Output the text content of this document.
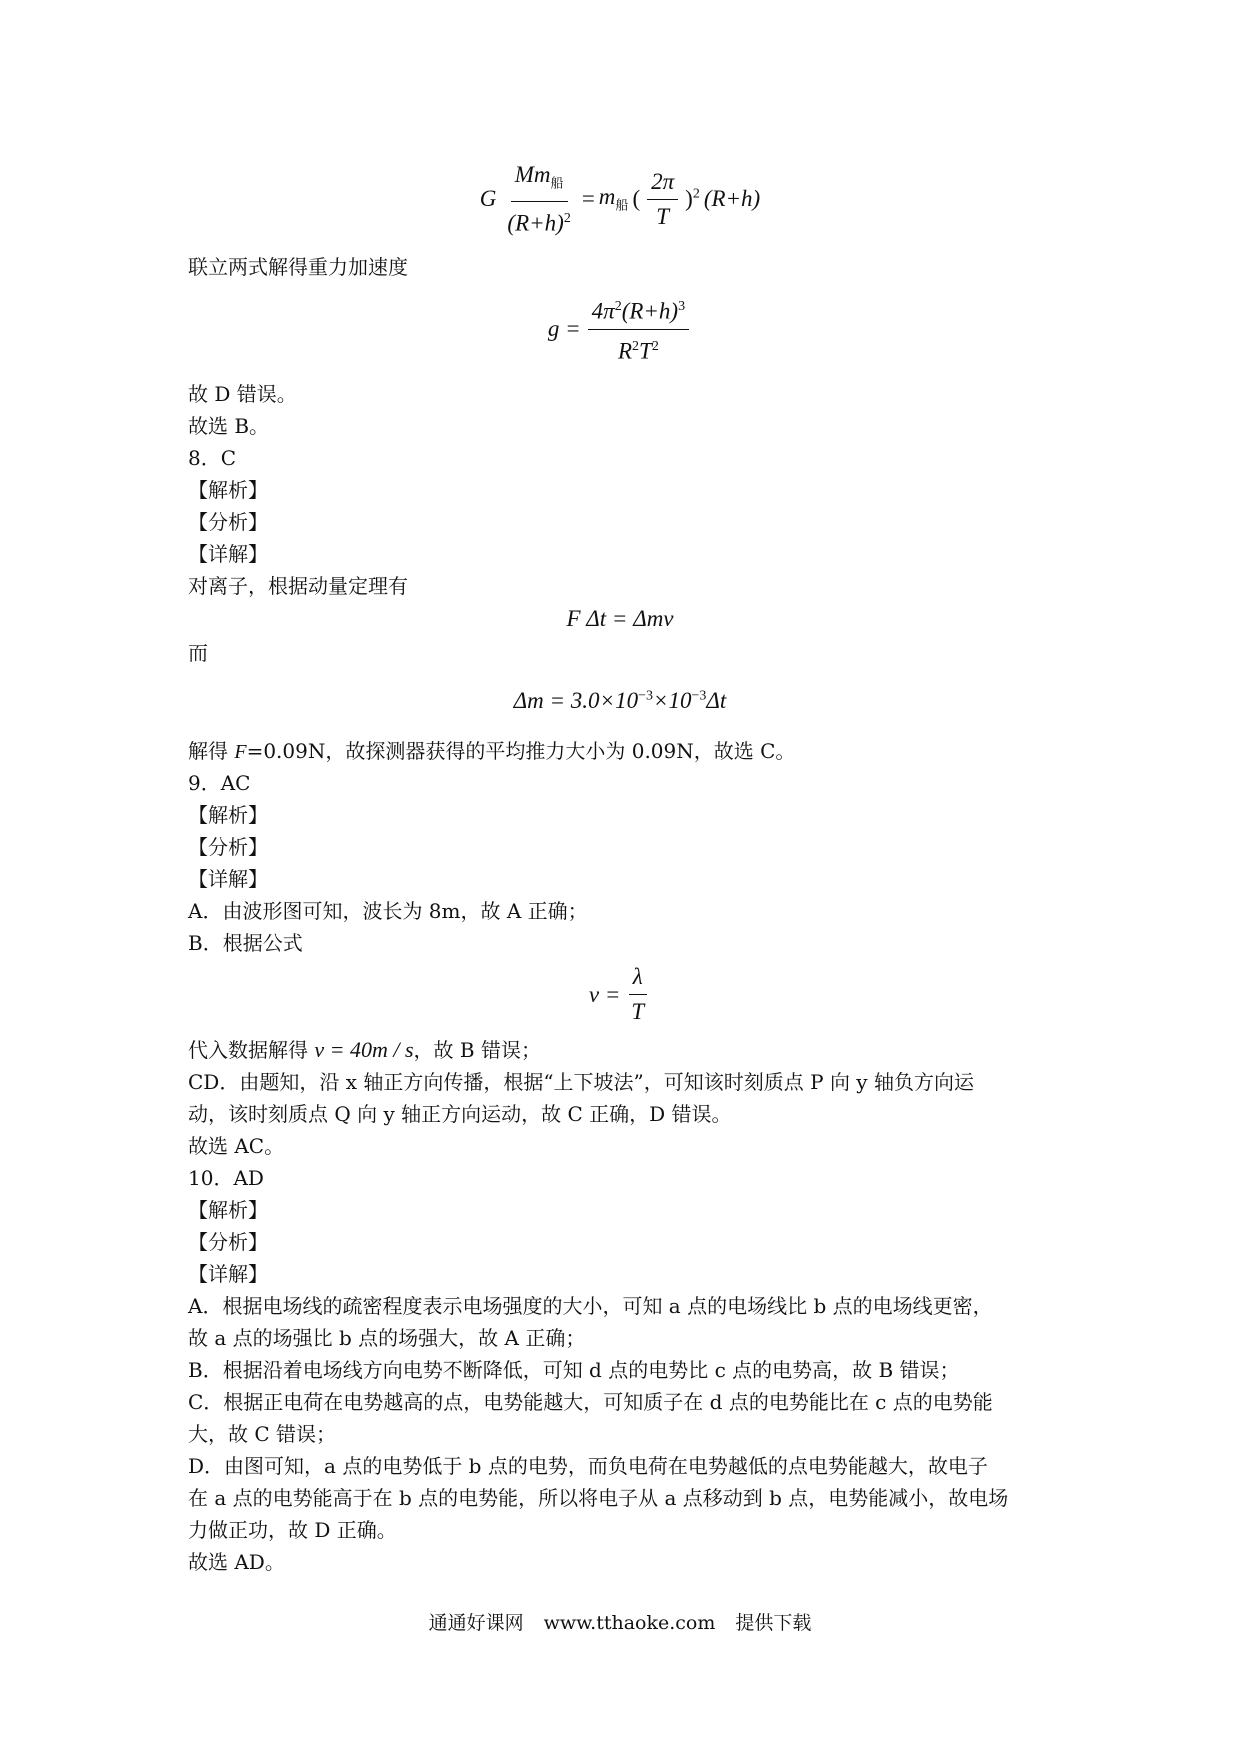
G $\frac{Mm_船}{(R+h)^2} = m_船$ ( $\frac{2\pi}{T} )^2$ (R+h)
联立两式解得重力加速度
$g = \frac{4\pi^2(R+h)^3}{R^2T^2}$
故 D 错误。
故选 B。
8．C
【解析】
【分析】
【详解】
对离子，根据动量定理有
F Δt = Δmv
而
$\Delta m = 3.0\times 10^{-3}\times 10^{-3}\Delta t$
解得 F=0.09N，故探测器获得的平均推力大小为 0.09N，故选 C。
9．AC
【解析】
【分析】
【详解】
A．由波形图可知，波长为 8m，故 A 正确；
B．根据公式
$v = \frac{\lambda}{T}$
代入数据解得 v = 40m / s，故 B 错误；
CD．由题知，沿 x 轴正方向传播，根据“上下坡法”，可知该时刻质点 P 向 y 轴负方向运
动，该时刻质点 Q 向 y 轴正方向运动，故 C 正确，D 错误。
故选 AC。
10．AD
【解析】
【分析】
【详解】
A．根据电场线的疏密程度表示电场强度的大小，可知 a 点的电场线比 b 点的电场线更密，
故 a 点的场强比 b 点的场强大，故 A 正确；
B．根据沿着电场线方向电势不断降低，可知 d 点的电势比 c 点的电势高，故 B 错误；
C．根据正电荷在电势越高的点，电势能越大，可知质子在 d 点的电势能比在 c 点的电势能
大，故 C 错误；
D．由图可知，a 点的电势低于 b 点的电势，而负电荷在电势越低的点电势能越大，故电子
在 a 点的电势能高于在 b 点的电势能，所以将电子从 a 点移动到 b 点，电势能减小，故电场
力做正功，故 D 正确。
故选 AD。
通通好课网 www.tthaoke.com 提供下载
